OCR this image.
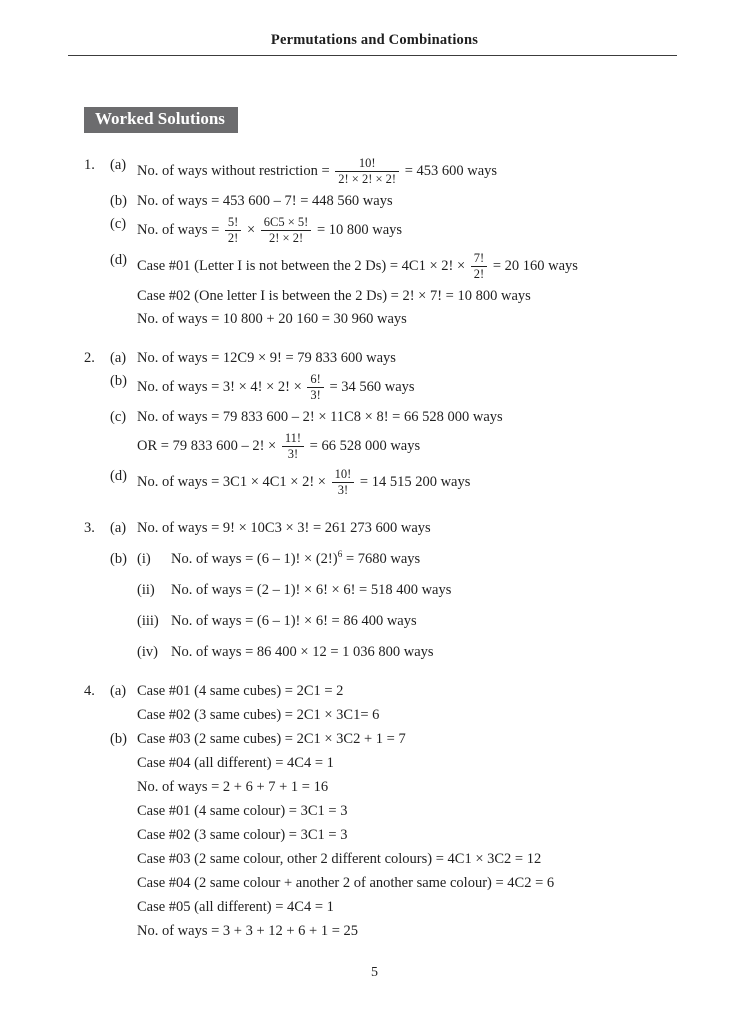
Permutations and Combinations
Worked Solutions
1.	(a) No. of ways without restriction = $\frac{10!}{2! \times 2! \times 2!} = 453$ 600 ways
(b) No. of ways = 453 600 – 7! = 448 560 ways
(c) No. of ways = $\frac{5!}{2!} \times \frac{6C5 \times 5!}{2! \times 2!} = 10$ 800 ways
(d) Case #01 (Letter I is not between the 2 Ds) = 4C1 × 2! × $\frac{7!}{2!} = 20$ 160 ways
Case #02 (One letter I is between the 2 Ds) = 2! × 7! = 10 800 ways
No. of ways = 10 800 + 20 160 = 30 960 ways
2.	(a) No. of ways = 12C9 × 9! = 79 833 600 ways
(b) No. of ways = 3! × 4! × 2! × $\frac{6!}{3!} = 34$ 560 ways
(c) No. of ways = 79 833 600 – 2! × 11C8 × 8! = 66 528 000 ways
OR = 79 833 600 – 2! × $\frac{11!}{3!} = 66$ 528 000 ways
(d) No. of ways = 3C1 × 4C1 × 2! × $\frac{10!}{3!} = 14$ 515 200 ways
3.	(a) No. of ways = 9! × 10C3 × 3! = 261 273 600 ways
(b) (i) No. of ways = (6 – 1)! × $(2!)^6 = 7680$ ways
(ii) No. of ways = (2 – 1)! × 6! × 6! = 518 400 ways
(iii) No. of ways = (6 – 1)! × 6! = 86 400 ways
(iv) No. of ways = 86 400 × 12 = 1 036 800 ways
4.	(a) Case #01 (4 same cubes) = 2C1 = 2
Case #02 (3 same cubes) = 2C1 × 3C1= 6
(b) Case #03 (2 same cubes) = 2C1 × 3C2 + 1 = 7
Case #04 (all different) = 4C4 = 1
No. of ways = 2 + 6 + 7 + 1 = 16
Case #01 (4 same colour) = 3C1 = 3
Case #02 (3 same colour) = 3C1 = 3
Case #03 (2 same colour, other 2 different colours) = 4C1 × 3C2 = 12
Case #04 (2 same colour + another 2 of another same colour) = 4C2 = 6
Case #05 (all different) = 4C4 = 1
No. of ways = 3 + 3 + 12 + 6 + 1 = 25
5
